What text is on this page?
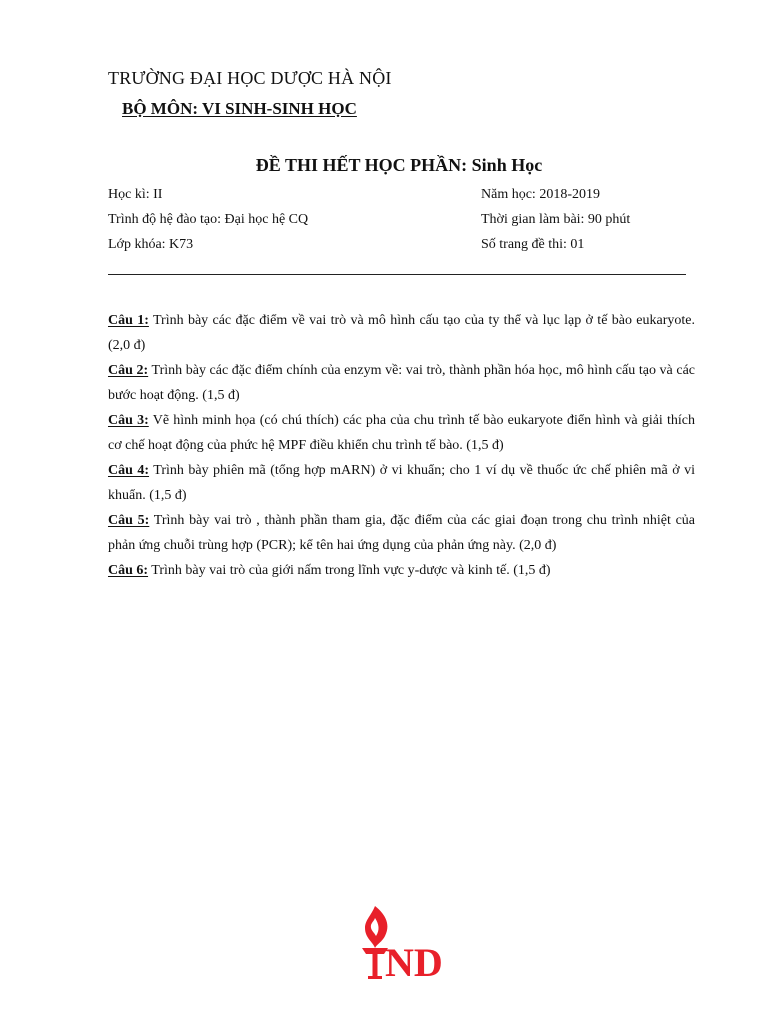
TRƯỜNG ĐẠI HỌC DƯỢC HÀ NỘI
BỘ MÔN: VI SINH-SINH HỌC
ĐỀ THI HẾT HỌC PHẦN: Sinh Học
Học kì: II	Năm học: 2018-2019
Trình độ hệ đào tạo: Đại học hệ CQ	Thời gian làm bài: 90 phút
Lớp khóa: K73	Số trang đề thi: 01

Câu 1: Trình bày các đặc điểm về vai trò và mô hình cấu tạo của ty thể và lục lạp ở tế bào eukaryote. (2,0 đ)

Câu 2: Trình bày các đặc điểm chính của enzym về: vai trò, thành phần hóa học, mô hình cấu tạo và các bước hoạt động. (1,5 đ)

Câu 3: Vẽ hình minh họa (có chú thích) các pha của chu trình tế bào eukaryote điển hình và giải thích cơ chế hoạt động của phức hệ MPF điều khiển chu trình tế bào. (1,5 đ)

Câu 4: Trình bày phiên mã (tổng hợp mARN) ở vi khuẩn; cho 1 ví dụ về thuốc ức chế phiên mã ở vi khuẩn. (1,5 đ)

Câu 5: Trình bày vai trò , thành phần tham gia, đặc điểm của các giai đoạn trong chu trình nhiệt của phản ứng chuỗi trùng hợp (PCR); kể tên hai ứng dụng của phản ứng này. (2,0 đ)

Câu 6: Trình bày vai trò của giới nấm trong lĩnh vực y-dược và kinh tế. (1,5 đ)

ND
